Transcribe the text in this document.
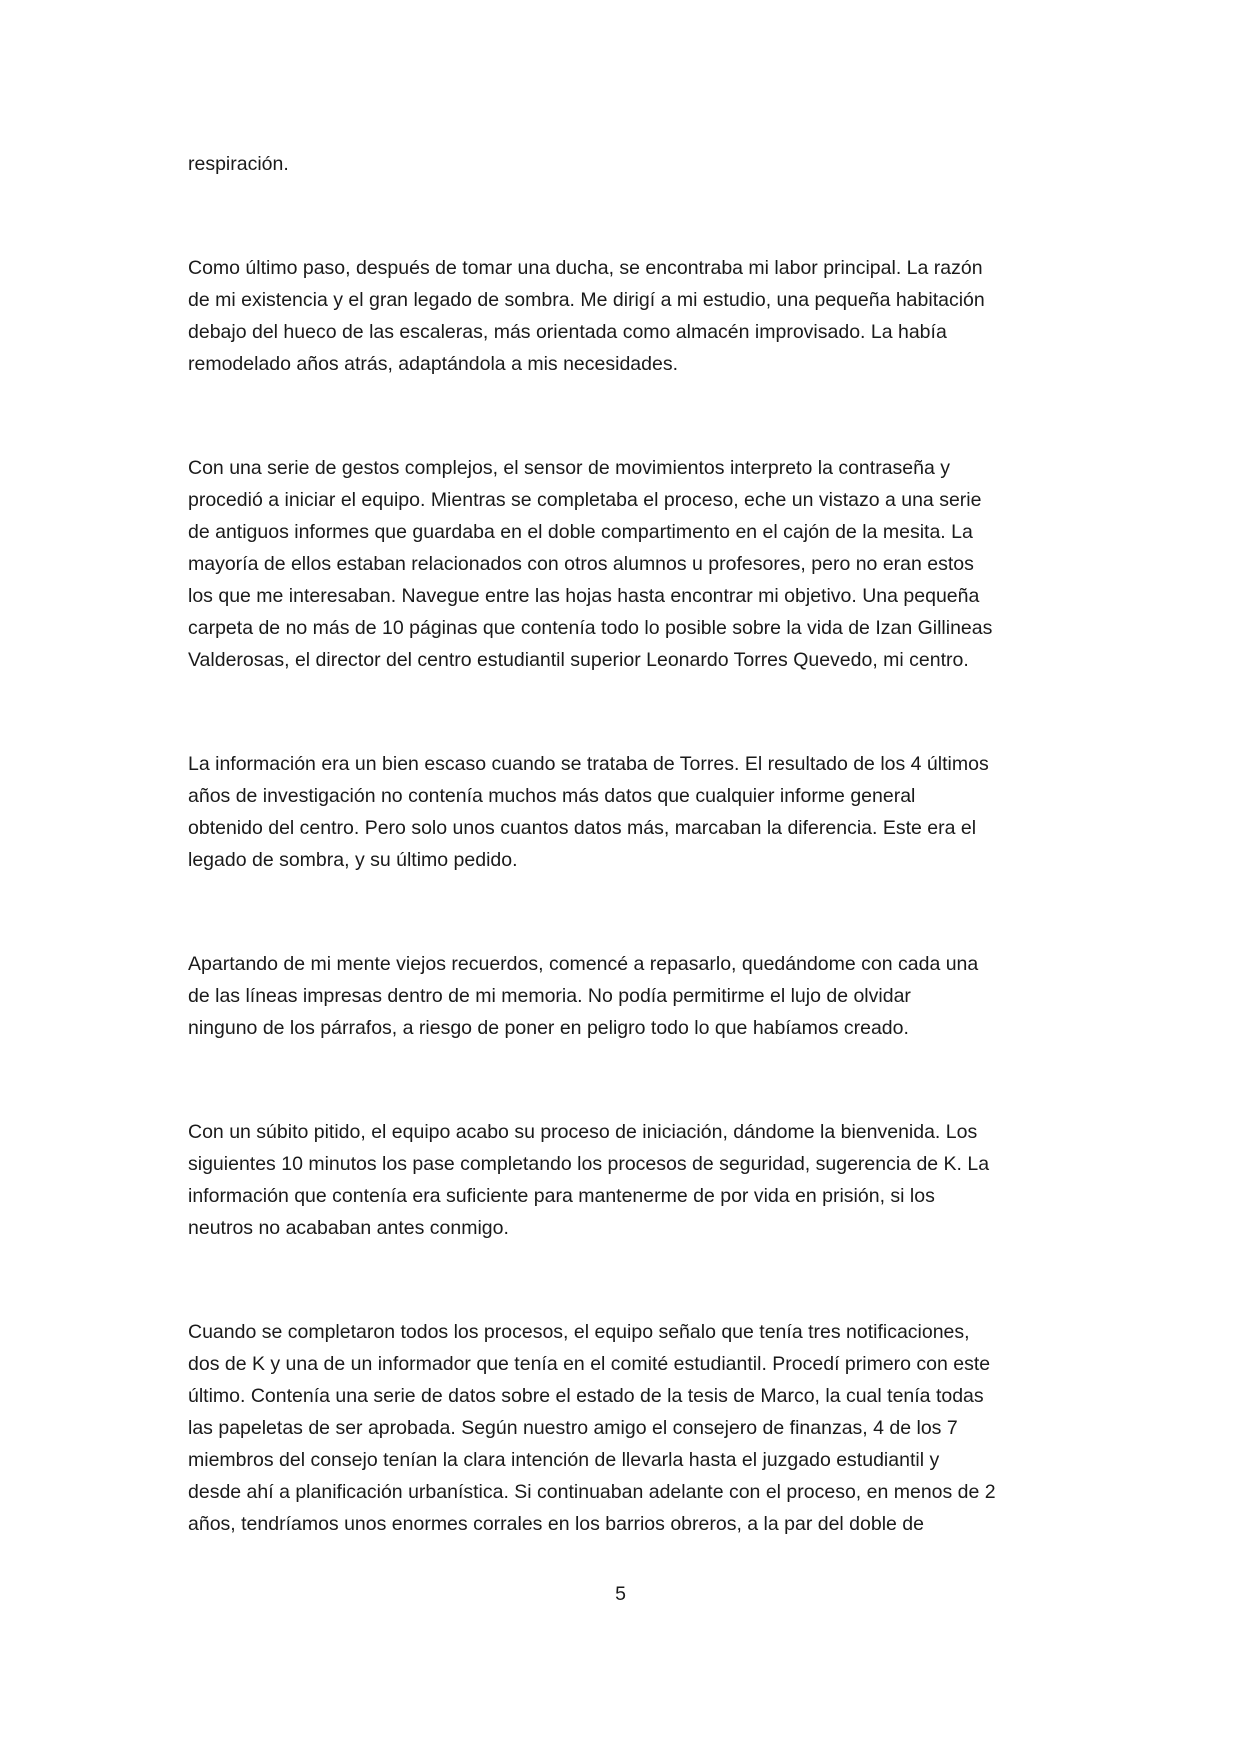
respiración.
Como último paso, después de tomar una ducha, se encontraba mi labor principal. La razón
de mi existencia y el gran legado de sombra. Me dirigí a mi estudio, una pequeña habitación
debajo del hueco de las escaleras, más orientada como almacén improvisado. La había
remodelado años atrás, adaptándola a mis necesidades.
Con una serie de gestos complejos, el sensor de movimientos interpreto la contraseña y
procedió a iniciar el equipo. Mientras se completaba el proceso, eche un vistazo a una serie
de antiguos informes que guardaba en el doble compartimento en el cajón de la mesita. La
mayoría de ellos estaban relacionados con otros alumnos u profesores, pero no eran estos
los que me interesaban. Navegue entre las hojas hasta encontrar mi objetivo. Una pequeña
carpeta de no más de 10 páginas que contenía todo lo posible sobre la vida de Izan Gillineas
Valderosas, el director del centro estudiantil superior Leonardo Torres Quevedo, mi centro.
La información era un bien escaso cuando se trataba de Torres. El resultado de los 4 últimos
años de investigación no contenía muchos más datos que cualquier informe general
obtenido del centro. Pero solo unos cuantos datos más, marcaban la diferencia. Este era el
legado de sombra, y su último pedido.
Apartando de mi mente viejos recuerdos, comencé a repasarlo, quedándome con cada una
de las líneas impresas dentro de mi memoria. No podía permitirme el lujo de olvidar
ninguno de los párrafos, a riesgo de poner en peligro todo lo que habíamos creado.
Con un súbito pitido, el equipo acabo su proceso de iniciación, dándome la bienvenida. Los
siguientes 10 minutos los pase completando los procesos de seguridad, sugerencia de K. La
información que contenía era suficiente para mantenerme de por vida en prisión, si los
neutros no acababan antes conmigo.
Cuando se completaron todos los procesos, el equipo señalo que tenía tres notificaciones,
dos de K y una de un informador que tenía en el comité estudiantil. Procedí primero con este
último. Contenía una serie de datos sobre el estado de la tesis de Marco, la cual tenía todas
las papeletas de ser aprobada. Según nuestro amigo el consejero de finanzas, 4 de los 7
miembros del consejo tenían la clara intención de llevarla hasta el juzgado estudiantil y
desde ahí a planificación urbanística. Si continuaban adelante con el proceso, en menos de 2
años, tendríamos unos enormes corrales en los barrios obreros, a la par del doble de
5
